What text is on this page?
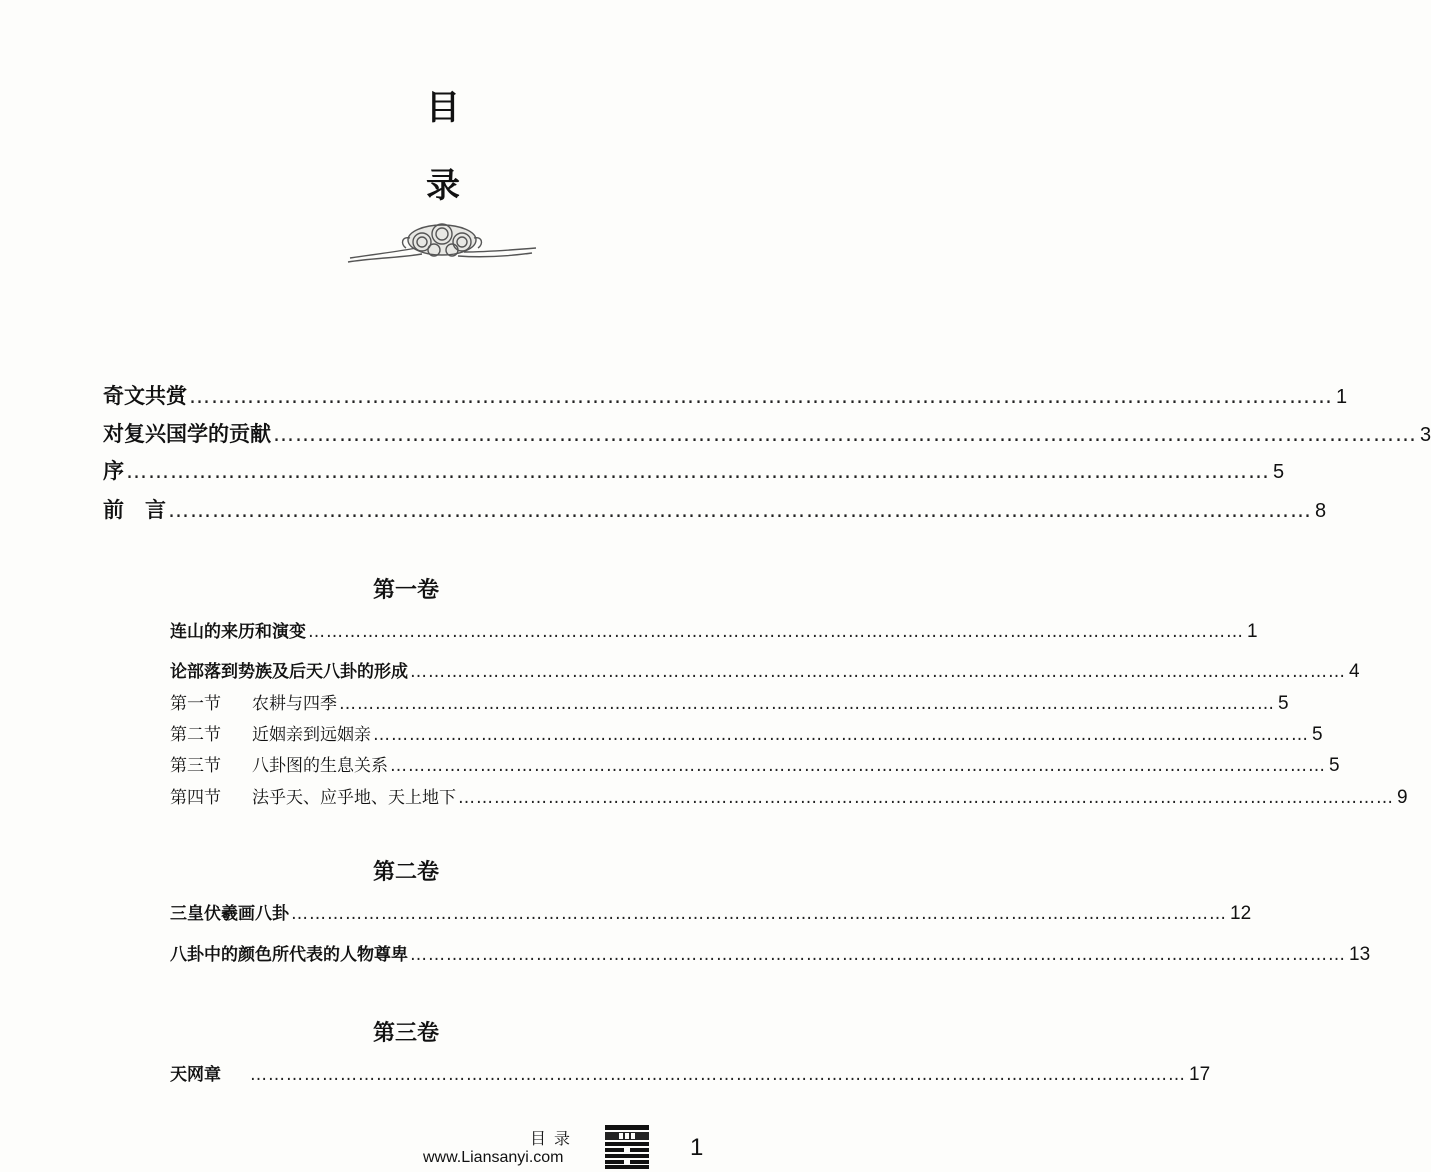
目
录
奇文共赏 ………………………………………………………………………………………………………………………………………… 1
对复兴国学的贡献 ………………………………………………………………………………………………………………………………………… 3
序 ………………………………………………………………………………………………………………………………………… 5
前　言 ………………………………………………………………………………………………………………………………………… 8
第一卷
连山的来历和演变 ………………………………………………………………………………………………………………………………………… 1
论部落到势族及后天八卦的形成 ………………………………………………………………………………………………………………………………………… 4
第一节 农耕与四季 ………………………………………………………………………………………………………………………………………… 5
第二节 近姻亲到远姻亲 ………………………………………………………………………………………………………………………………………… 5
第三节 八卦图的生息关系 ………………………………………………………………………………………………………………………………………… 5
第四节 法乎天、应乎地、天上地下 ………………………………………………………………………………………………………………………………………… 9
第二卷
三皇伏羲画八卦 ………………………………………………………………………………………………………………………………………… 12
八卦中的颜色所代表的人物尊卑 ………………………………………………………………………………………………………………………………………… 13
第三卷
天网章　 ………………………………………………………………………………………………………………………………………… 17
目录
www.Liansanyi.com	1
